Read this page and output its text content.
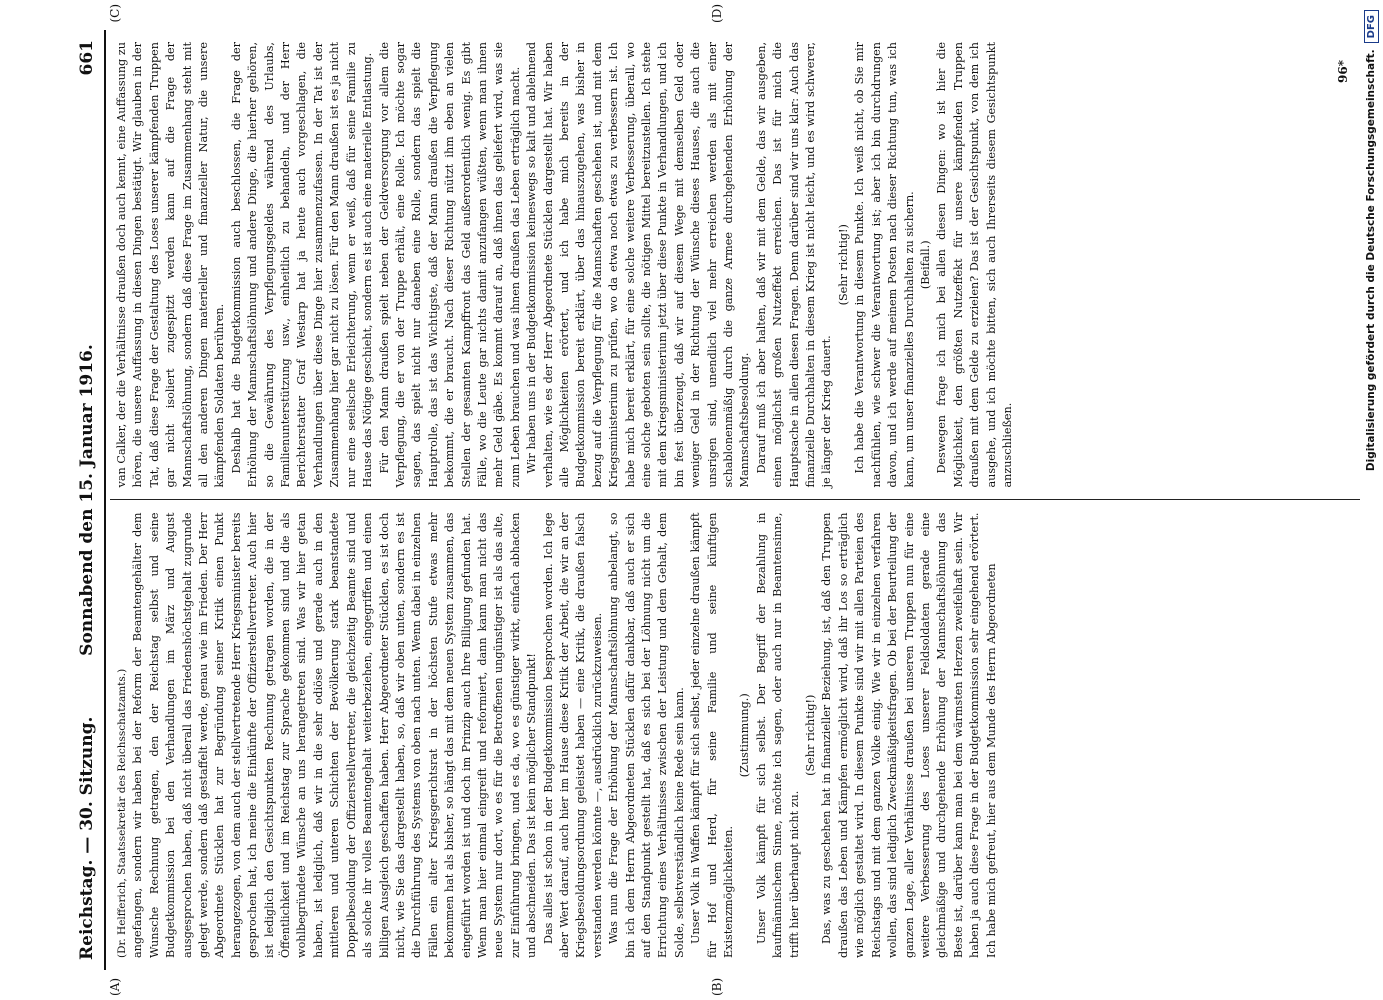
Reichstag. — 30. Sitzung.
Sonnabend den 15. Januar 1916.
661
(A)	(B)
(C)	(D)

(Dr. Helfferich, Staatssekretär des Reichsschatzamts.) angefangen, sondern wir haben bei der Reform der Beamtengehälter dem Wunsche Rechnung getragen, den der Reichstag selbst und seine Budgetkommission bei den Verhandlungen im März und August ausgesprochen haben, daß nicht überall das Friedenshöchstgehalt zugrunde gelegt werde, sondern daß gestaffelt werde, genau wie im Frieden. Der Herr Abgeordnete Stücklen hat zur Begründung seiner Kritik einen Punkt herangezogen, von dem auch der stellvertretende Herr Kriegsminister bereits gesprochen hat, ich meine die Einkünfte der Offizierstellvertreter. Auch hier ist lediglich den Gesichtspunkten Rechnung getragen worden, die in der Öffentlichkeit und im Reichstag zur Sprache gekommen sind und die als wohlbegründete Wünsche an uns herangetreten sind. Was wir hier getan haben, ist lediglich, daß wir in die sehr odiöse und gerade auch in den mittleren und unteren Schichten der Bevölkerung stark beanstandete Doppelbesoldung der Offizierstellvertreter, die gleichzeitig Beamte sind und als solche ihr volles Beamtengehalt weiterbeziehen, eingegriffen und einen billigen Ausgleich geschaffen haben. Herr Abgeordneter Stücklen, es ist doch nicht, wie Sie das dargestellt haben, so, daß wir oben unten, sondern es ist die Durchführung des Systems von oben nach unten. Wenn dabei in einzelnen Fällen ein alter Kriegsgerichtsrat in der höchsten Stufe etwas mehr bekommen hat als bisher, so hängt das mit dem neuen System zusammen, das eingeführt worden ist und doch im Prinzip auch Ihre Billigung gefunden hat. Wenn man hier einmal eingreift und reformiert, dann kann man nicht das neue System nur dort, wo es für die Betroffenen ungünstiger ist als das alte, zur Einführung bringen, und es da, wo es günstiger wirkt, einfach abhacken und abschneiden. Das ist kein möglicher Standpunkt! Das alles ist schon in der Budgetkommission besprochen worden. Ich lege aber Wert darauf, auch hier im Hause diese Kritik der Arbeit, die wir an der Kriegsbesoldungsordnung geleistet haben — eine Kritik, die draußen falsch verstanden werden könnte —, ausdrücklich zurückzuweisen. Was nun die Frage der Erhöhung der Mannschaftslöhnung anbelangt, so bin ich dem Herrn Abgeordneten Stücklen dafür dankbar, daß auch er sich auf den Standpunkt gestellt hat, daß es sich bei der Löhnung nicht um die Errichtung eines Verhältnisses zwischen der Leistung und dem Gehalt, dem Solde, selbstverständlich keine Rede sein kann. Unser Volk in Waffen kämpft für sich selbst, jeder einzelne draußen kämpft für Hof und Herd, für seine Familie und seine künftigen Existenzmöglichkeiten.

(Zustimmung.) Unser Volk kämpft für sich selbst. Der Begriff der Bezahlung in kaufmännischem Sinne, möchte ich sagen, oder auch nur in Beamtensinne, trifft hier überhaupt nicht zu.

(Sehr richtig!) Das, was zu geschehen hat in finanzieller Beziehung, ist, daß den Truppen draußen das Leben und Kämpfen ermöglicht wird, daß ihr Los so erträglich wie möglich gestaltet wird. In diesem Punkte sind wir mit allen Parteien des Reichstags und mit dem ganzen Volke einig. Wie wir in einzelnen verfahren wollen, das sind lediglich Zweckmäßigkeitsfragen. Ob bei der Beurteilung der ganzen Lage, aller Verhältnisse draußen bei unseren Truppen nun für eine weitere Verbesserung des Loses unserer Feldsoldaten gerade eine gleichmäßige und durchgehende Erhöhung der Mannschaftslöhnung das Beste ist, darüber kann man bei dem wärmsten Herzen zweifelhaft sein. Wir haben ja auch diese Frage in der Budgetkommission sehr eingehend erörtert. Ich habe mich gefreut, hier aus dem Munde des Herrn Abgeordneten

van Calker, der die Verhältnisse draußen doch auch kennt, eine Auffassung zu hören, die unsere Auffassung in diesen Dingen bestätigt. Wir glauben in der Tat, daß diese Frage der Gestaltung des Loses unserer kämpfenden Truppen gar nicht isoliert zugespitzt werden kann auf die Frage der Mannschaftslöhnung, sondern daß diese Frage im Zusammenhang steht mit all den anderen Dingen materieller und finanzieller Natur, die unsere kämpfenden Soldaten berühren. Deshalb hat die Budgetkommission auch beschlossen, die Frage der Erhöhung der Mannschaftslöhnung und andere Dinge, die hierher gehören, so die Gewährung des Verpflegungsgeldes während des Urlaubs, Familienunterstützung usw., einheitlich zu behandeln, und der Herr Berichterstatter Graf Westarp hat ja heute auch vorgeschlagen, die Verhandlungen über diese Dinge hier zusammenzufassen. In der Tat ist der Zusammenhang hier gar nicht zu lösen. Für den Mann draußen ist es ja nicht nur eine seelische Erleichterung, wenn er weiß, daß für seine Familie zu Hause das Nötige geschieht, sondern es ist auch eine materielle Entlastung. Für den Mann draußen spielt neben der Geldversorgung vor allem die Verpflegung, die er von der Truppe erhält, eine Rolle. Ich möchte sogar sagen, das spielt nicht nur daneben eine Rolle, sondern das spielt die Hauptrolle, das ist das Wichtigste, daß der Mann draußen die Verpflegung bekommt, die er braucht. Nach dieser Richtung nützt ihm eben an vielen Stellen der gesamten Kampffront das Geld außerordentlich wenig. Es gibt Fälle, wo die Leute gar nichts damit anzufangen wüßten, wenn man ihnen mehr Geld gäbe. Es kommt darauf an, daß ihnen das geliefert wird, was sie zum Leben brauchen und was ihnen draußen das Leben erträglich macht. Wir haben uns in der Budgetkommission keineswegs so kalt und ablehnend verhalten, wie es der Herr Abgeordnete Stücklen dargestellt hat. Wir haben alle Möglichkeiten erörtert, und ich habe mich bereits in der Budgetkommission bereit erklärt, über das hinauszugehen, was bisher in bezug auf die Verpflegung für die Mannschaften geschehen ist, und mit dem Kriegsministerium zu prüfen, wo da etwa noch etwas zu verbessern ist. Ich habe mich bereit erklärt, für eine solche weitere Verbesserung, überall, wo eine solche geboten sein sollte, die nötigen Mittel bereitzustellen. Ich stehe mit dem Kriegsministerium jetzt über diese Punkte in Verhandlungen, und ich bin fest überzeugt, daß wir auf diesem Wege mit demselben Geld oder weniger Geld in der Richtung der Wünsche dieses Hauses, die auch die unsrigen sind, unendlich viel mehr erreichen werden als mit einer schablonenmäßig durch die ganze Armee durchgehenden Erhöhung der Mannschaftsbesoldung. Darauf muß ich aber halten, daß wir mit dem Gelde, das wir ausgeben, einen möglichst großen Nutzeffekt erreichen. Das ist für mich die Hauptsache in allen diesen Fragen. Denn darüber sind wir uns klar: Auch das finanzielle Durchhalten in diesem Krieg ist nicht leicht, und es wird schwerer, je länger der Krieg dauert.

(Sehr richtig!) Ich habe die Verantwortung in diesem Punkte. Ich weiß nicht, ob Sie mir nachfühlen, wie schwer die Verantwortung ist; aber ich bin durchdrungen davon, und ich werde auf meinem Posten nach dieser Richtung tun, was ich kann, um unser finanzielles Durchhalten zu sichern. (Beifall.) Deswegen frage ich mich bei allen diesen Dingen: wo ist hier die Möglichkeit, den größten Nutzeffekt für unsere kämpfenden Truppen draußen mit dem Gelde zu erzielen? Das ist der Gesichtspunkt, von dem ich ausgehe, und ich möchte bitten, sich auch Ihrerseits diesem Gesichtspunkt anzuschließen.

96* Digitalisierung gefördert durch die Deutsche Forschungsgemeinschaft.
DFG
